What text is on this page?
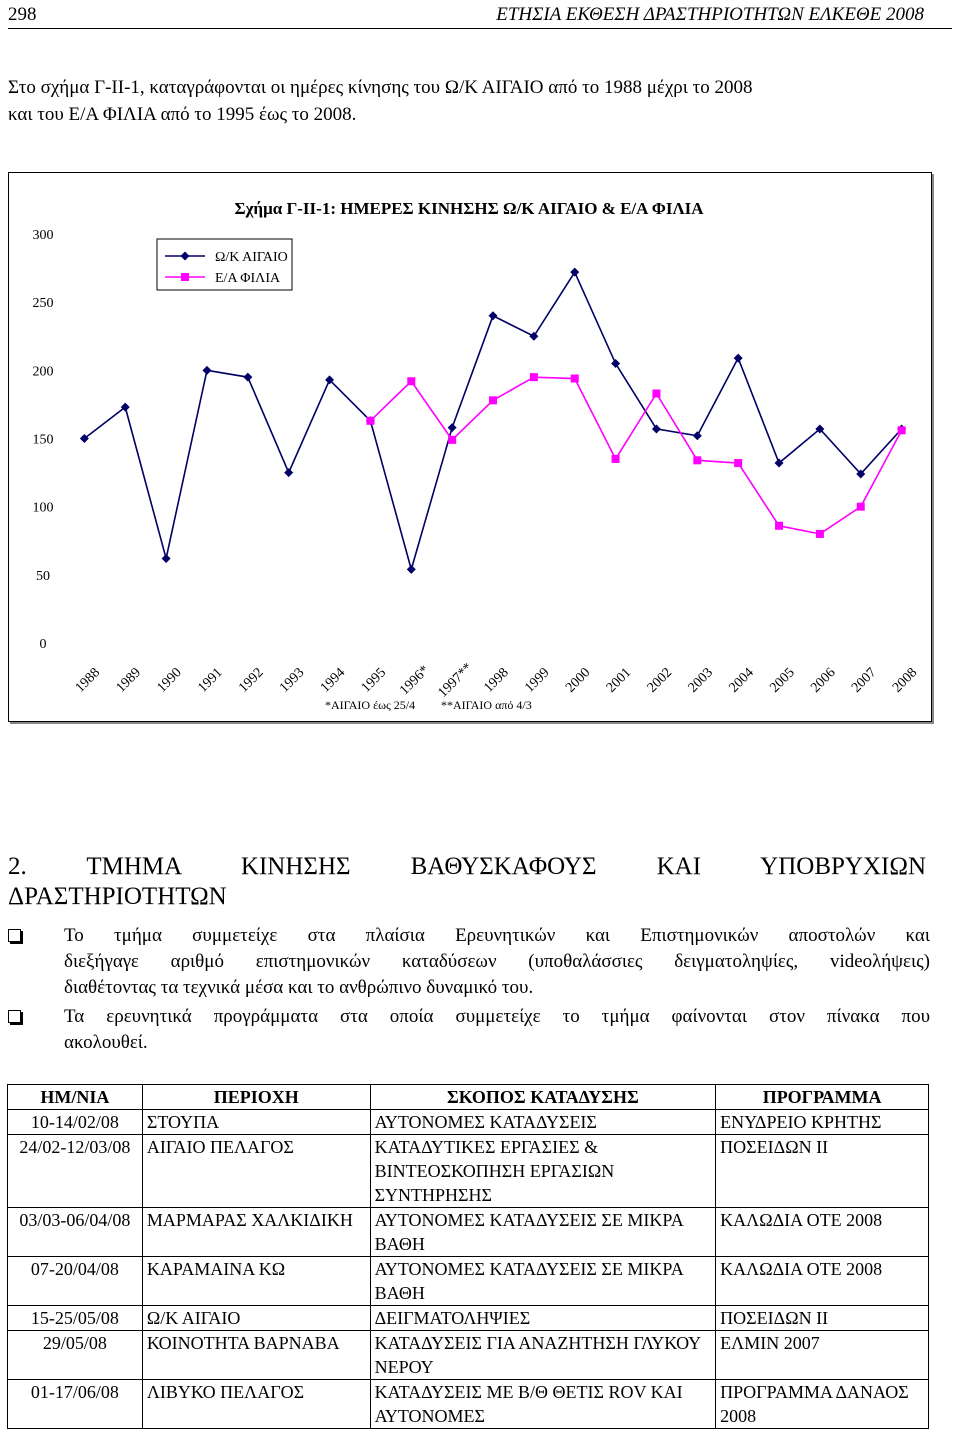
298	ΕΤΗΣΙΑ ΕΚΘΕΣΗ ΔΡΑΣΤΗΡΙΟΤΗΤΩΝ ΕΛΚΕΘΕ 2008
Στο σχήμα Γ-ΙΙ-1, καταγράφονται οι ημέρες κίνησης του Ω/Κ ΑΙΓΑΙΟ από το 1988 μέχρι το 2008
και του Ε/Α ΦΙΛΙΑ από το 1995 έως το 2008.
0
50
100
150
200
250
300
1988 1989 1990 1991 1992 1993 1994 1995 1996* 1997** 1998 1999 2000 2001 2002 2003 2004 2005 2006 2007 2008
Σχήμα Γ-ΙΙ-1: ΗΜΕΡΕΣ ΚΙΝΗΣΗΣ Ω/Κ ΑΙΓΑΙΟ & Ε/Α ΦΙΛΙΑ
Ω/Κ ΑΙΓΑΙΟ
Ε/Α ΦΙΛΙΑ
*ΑΙΓΑΙΟ έως 25/4 **ΑΙΓΑΙΟ από 4/3
2. ΤΜΗΜΑ ΚΙΝΗΣΗΣ ΒΑΘΥΣΚΑΦΟΥΣ ΚΑΙ ΥΠΟΒΡΥΧΙΩΝ
ΔΡΑΣΤΗΡΙΟΤΗΤΩΝ
Το τμήμα συμμετείχε στα πλαίσια Ερευνητικών και Επιστημονικών αποστολών και
διεξήγαγε αριθμό επιστημονικών καταδύσεων (υποθαλάσσιες δειγματοληψίες, videoλήψεις)
διαθέτοντας τα τεχνικά μέσα και το ανθρώπινο δυναμικό του.
Τα ερευνητικά προγράμματα στα οποία συμμετείχε το τμήμα φαίνονται στον πίνακα που
ακολουθεί.
ΗΜ/ΝΙΑ	ΠΕΡΙΟΧΗ	ΣΚΟΠΟΣ ΚΑΤΑΔΥΣΗΣ	ΠΡΟΓΡΑΜΜΑ
10-14/02/08	ΣΤΟΥΠΑ	ΑΥΤΟΝΟΜΕΣ ΚΑΤΑΔΥΣΕΙΣ	ΕΝΥΔΡΕΙΟ ΚΡΗΤΗΣ
24/02-12/03/08	ΑΙΓΑΙΟ ΠΕΛΑΓΟΣ	ΚΑΤΑΔΥΤΙΚΕΣ ΕΡΓΑΣΙΕΣ & ΒΙΝΤΕΟΣΚΟΠΗΣΗ ΕΡΓΑΣΙΩΝ ΣΥΝΤΗΡΗΣΗΣ	ΠΟΣΕΙΔΩΝ ΙΙ
03/03-06/04/08	ΜΑΡΜΑΡΑΣ ΧΑΛΚΙΔΙΚΗ	ΑΥΤΟΝΟΜΕΣ ΚΑΤΑΔΥΣΕΙΣ ΣΕ ΜΙΚΡΑ ΒΑΘΗ	ΚΑΛΩΔΙΑ ΟΤΕ 2008
07-20/04/08	ΚΑΡΑΜΑΙΝΑ ΚΩ	ΑΥΤΟΝΟΜΕΣ ΚΑΤΑΔΥΣΕΙΣ ΣΕ ΜΙΚΡΑ ΒΑΘΗ	ΚΑΛΩΔΙΑ ΟΤΕ 2008
15-25/05/08	Ω/Κ ΑΙΓΑΙΟ	ΔΕΙΓΜΑΤΟΛΗΨΙΕΣ	ΠΟΣΕΙΔΩΝ ΙΙ
29/05/08	ΚΟΙΝΟΤΗΤΑ ΒΑΡΝΑΒΑ	ΚΑΤΑΔΥΣΕΙΣ ΓΙΑ ΑΝΑΖΗΤΗΣΗ ΓΛΥΚΟΥ ΝΕΡΟΥ	ΕΛΜΙΝ 2007
01-17/06/08	ΛΙΒΥΚΟ ΠΕΛΑΓΟΣ	ΚΑΤΑΔΥΣΕΙΣ ΜΕ Β/Θ ΘΕΤΙΣ ROV ΚΑΙ ΑΥΤΟΝΟΜΕΣ	ΠΡΟΓΡΑΜΜΑ ΔΑΝΑΟΣ 2008
